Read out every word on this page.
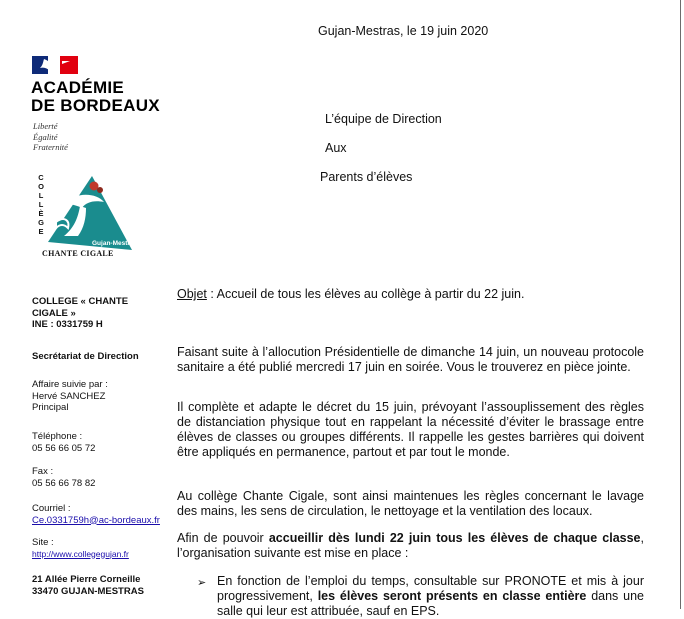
Gujan-Mestras, le 19 juin 2020
ACADÉMIE
DE BORDEAUX
Liberté
Égalité
Fraternité
Gujan-Mestras
C
O
L
L
È
G
E
CHANTE CIGALE
L’équipe de Direction
Aux
Parents d’élèves
COLLEGE « CHANTE
CIGALE »
INE : 0331759 H
Secrétariat de Direction
Affaire suivie par :
Hervé SANCHEZ
Principal
Téléphone :
05 56 66 05 72
Fax :
05 56 66 78 82
Courriel :
Ce.0331759h@ac-bordeaux.fr
Site :
http://www.collegegujan.fr
21 Allée Pierre Corneille
33470 GUJAN-MESTRAS
Objet : Accueil de tous les élèves au collège à partir du 22 juin.
Faisant suite à l’allocution Présidentielle de dimanche 14 juin, un nouveau protocole sanitaire a été publié mercredi 17 juin en soirée. Vous le trouverez en pièce jointe.
Il complète et adapte le décret du 15 juin, prévoyant l’assouplissement des règles de distanciation physique tout en rappelant la nécessité d’éviter le brassage entre élèves de classes ou groupes différents. Il rappelle les gestes barrières qui doivent être appliqués en permanence, partout et par tout le monde.
Au collège Chante Cigale, sont ainsi maintenues les règles concernant le lavage des mains, les sens de circulation, le nettoyage et la ventilation des locaux.
Afin de pouvoir accueillir dès lundi 22 juin tous les élèves de chaque classe, l’organisation suivante est mise en place :
➢ En fonction de l’emploi du temps, consultable sur PRONOTE et mis à jour progressivement, les élèves seront présents en classe entière dans une salle qui leur est attribuée, sauf en EPS.
